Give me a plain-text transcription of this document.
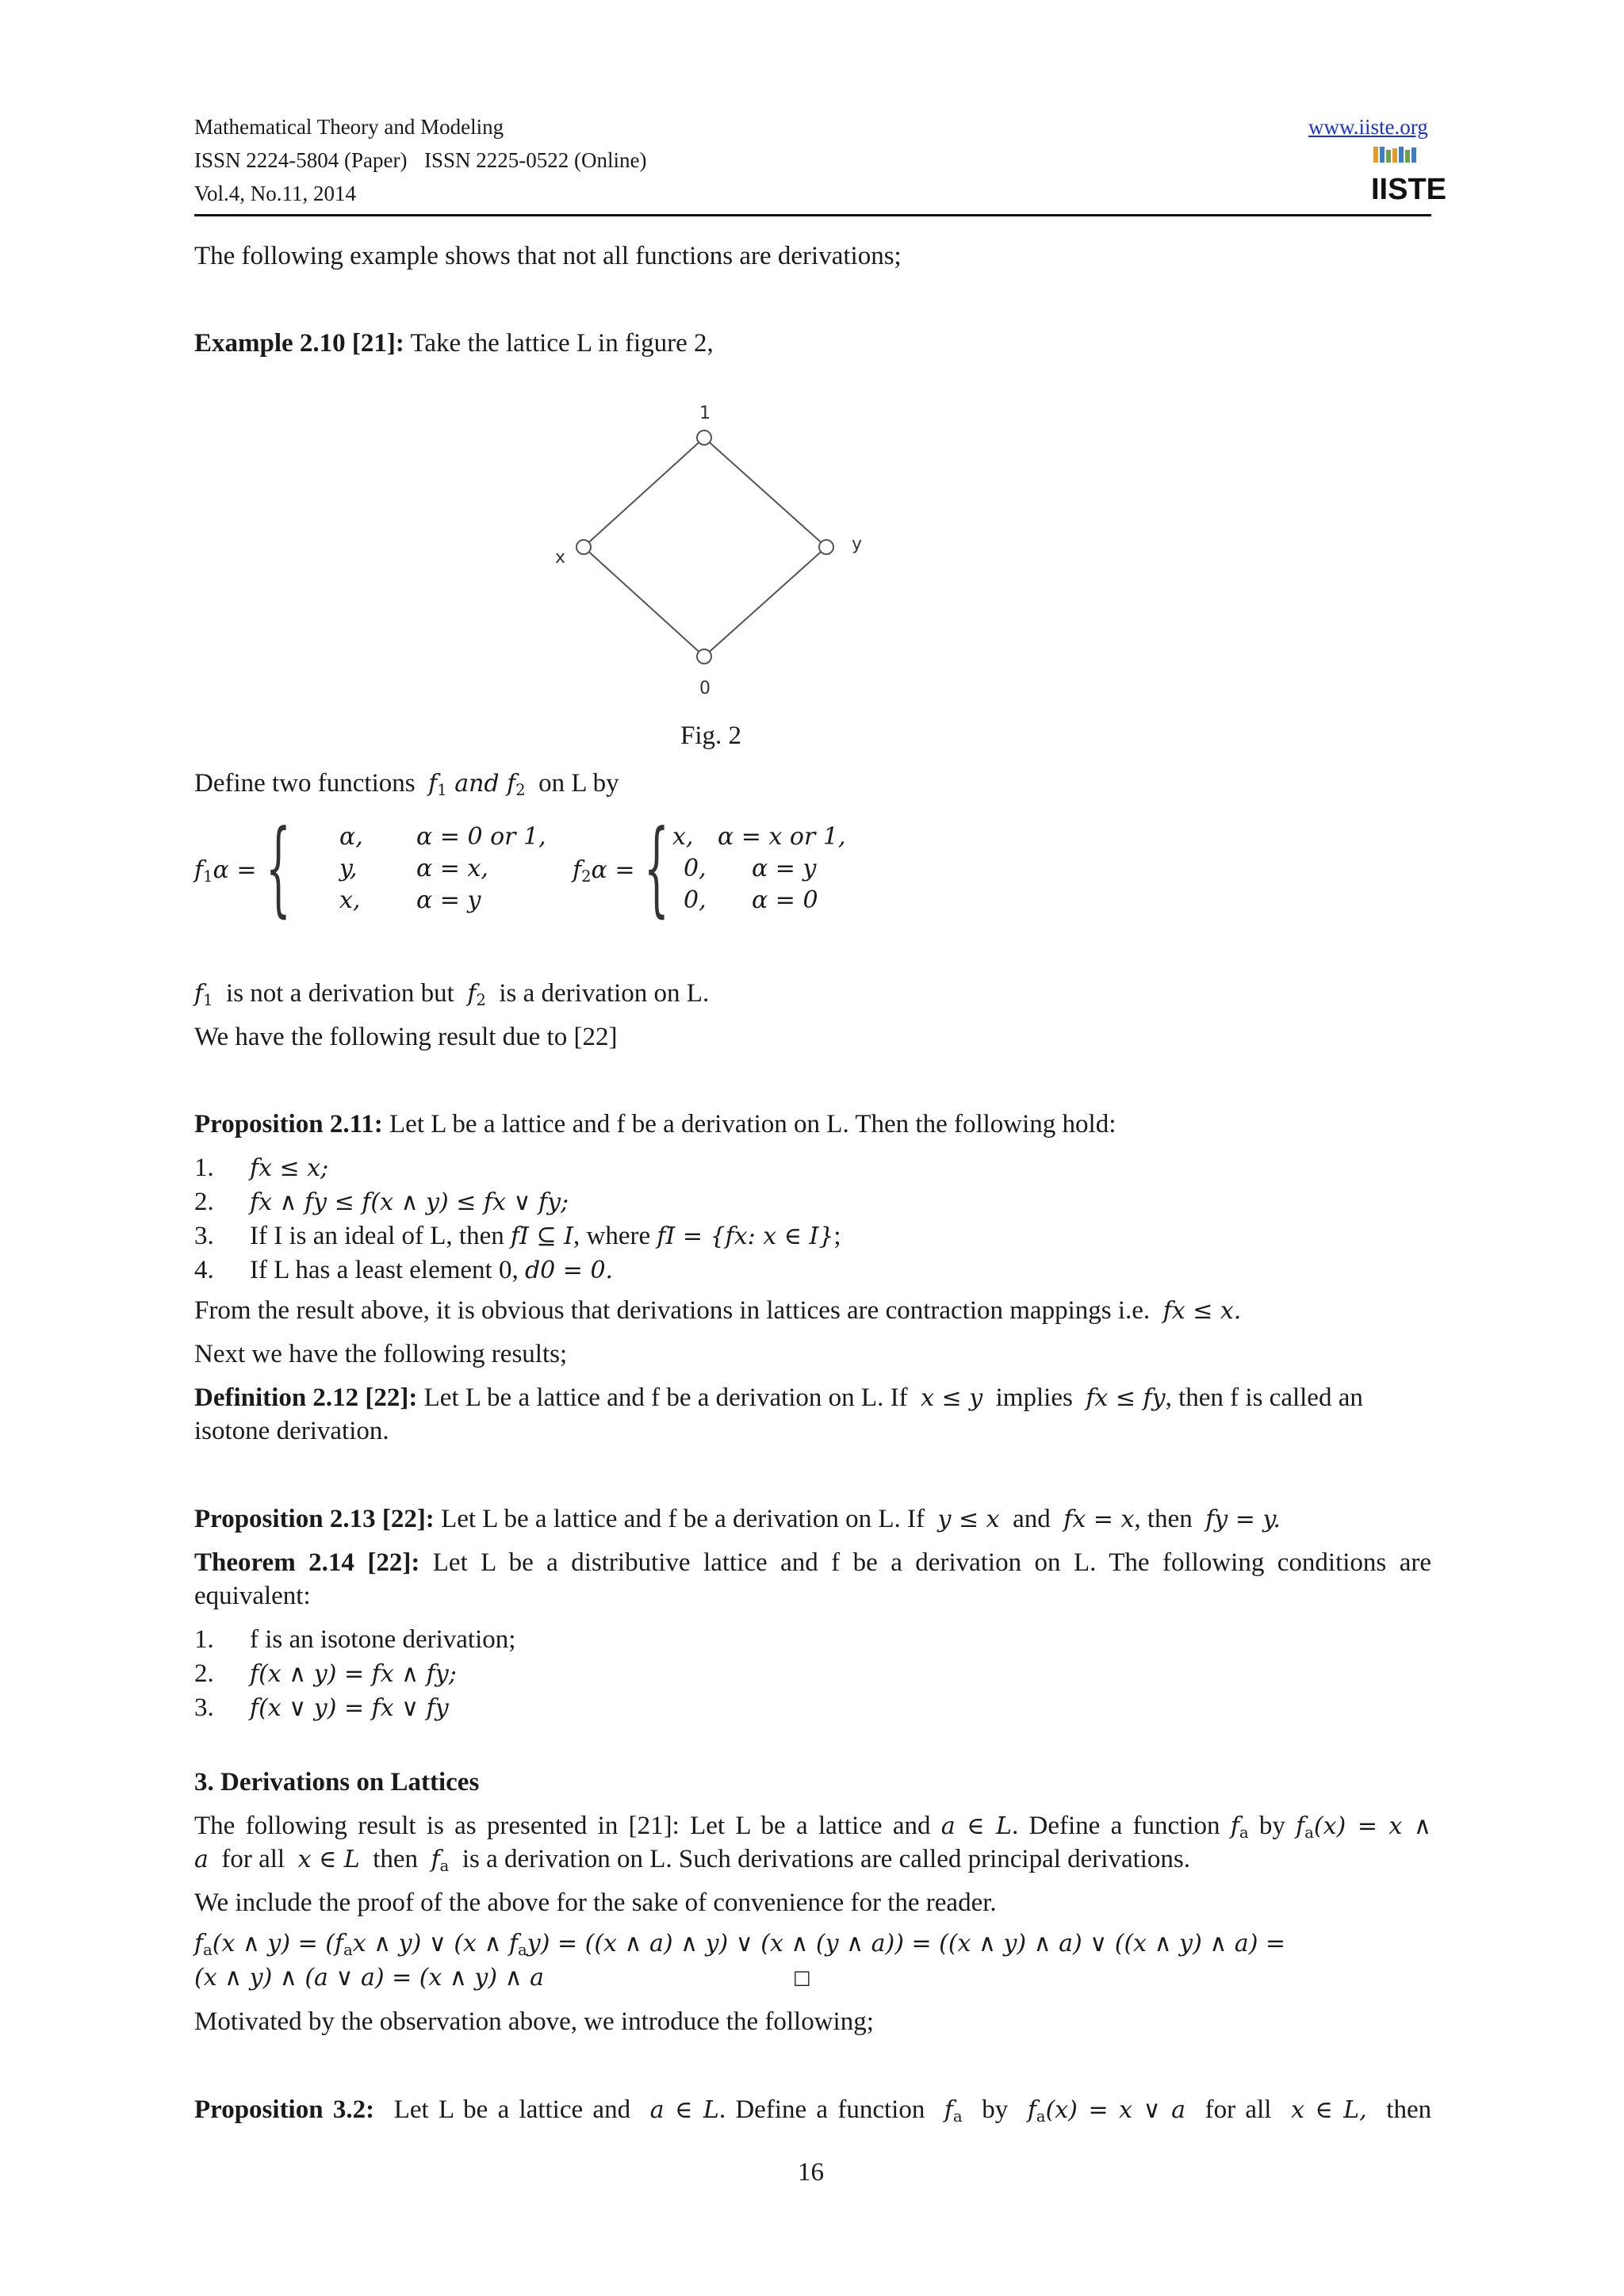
Mathematical Theory and Modeling
ISSN 2224-5804 (Paper) ISSN 2225-0522 (Online)
Vol.4, No.11, 2014
www.iiste.org
IISTE
The following example shows that not all functions are derivations;
Example 2.10 [21]: Take the lattice L in figure 2,
1
x
y
0
Fig. 2
Define two functions $f_1$ and $f_2$ on L by
$f_1\alpha$ = { α, α = 0 or 1,
y, α = x,
x, α = y
$f_2\alpha$ = { x, α = x or 1,
0, α = y
0, α = 0
$f_1$ is not a derivation but $f_2$ is a derivation on L.
We have the following result due to [22]
Proposition 2.11: Let L be a lattice and f be a derivation on L. Then the following hold:
1. fx ≤ x;
2. fx ∧ fy ≤ f(x ∧ y) ≤ fx ∨ fy;
3. If I is an ideal of L, then fI ⊆ I, where fI = {fx: x ∈ I};
4. If L has a least element 0, d0 = 0.
From the result above, it is obvious that derivations in lattices are contraction mappings i.e. fx ≤ x.
Next we have the following results;
Definition 2.12 [22]: Let L be a lattice and f be a derivation on L. If x ≤ y implies fx ≤ fy, then f is called an
isotone derivation.
Proposition 2.13 [22]: Let L be a lattice and f be a derivation on L. If y ≤ x and fx = x, then fy = y.
Theorem 2.14 [22]: Let L be a distributive lattice and f be a derivation on L. The following conditions are
equivalent:
1. f is an isotone derivation;
2. f(x ∧ y) = fx ∧ fy;
3. f(x ∨ y) = fx ∨ fy
3. Derivations on Lattices
The following result is as presented in [21]: Let L be a lattice and a ∈ L. Define a function $f_a$ by $f_a(x) = x$ ∧
a for all x ∈ L then $f_a$ is a derivation on L. Such derivations are called principal derivations.
We include the proof of the above for the sake of convenience for the reader.
$f_a(x$ ∧ $y) = (f_ax$ ∧ y) ∨ (x ∧ $f_ay) = ((x$ ∧ a) ∧ y) ∨ (x ∧ (y ∧ a)) = ((x ∧ y) ∧ a) ∨ ((x ∧ y) ∧ a) =
(x ∧ y) ∧ (a ∨ a) = (x ∧ y) ∧ a	□
Motivated by the observation above, we introduce the following;
Proposition 3.2: Let L be a lattice and a ∈ L. Define a function $f_a$ by $f_a(x) = x$ ∨ a for all x ∈ L, then
16
